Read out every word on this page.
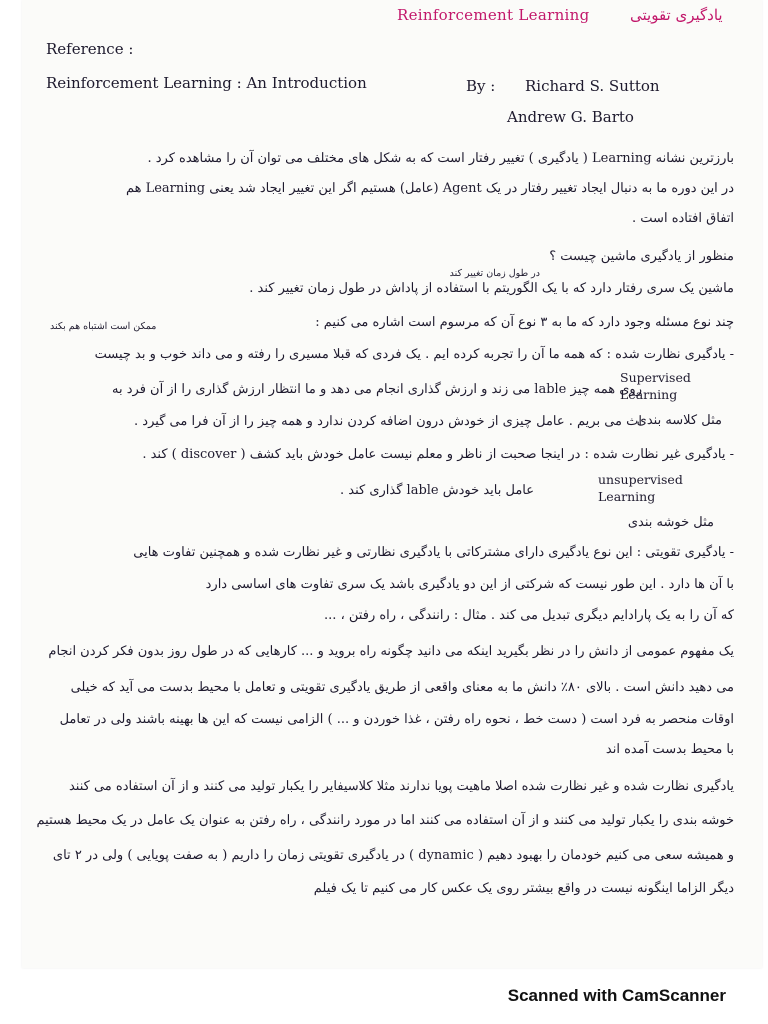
Reinforcement Learning	یادگیری تقویتی
Reference :
Reinforcement Learning : An Introduction	By : Richard S. Sutton
Andrew G. Barto
بارزترین نشانه Learning ( یادگیری ) تغییر رفتار است که به شکل های مختلف می توان آن را مشاهده کرد .
در این دوره ما به دنبال ایجاد تغییر رفتار در یک Agent (عامل) هستیم اگر این تغییر ایجاد شد یعنی Learning هم
اتفاق افتاده است .
منظور از یادگیری ماشین چیست ؟
در طول زمان تغییر کند
ماشین یک سری رفتار دارد که با یک الگوریتم با استفاده از پاداش در طول زمان تغییر کند .
ممکن است اشتباه هم بکند	چند نوع مسئله وجود دارد که ما به ۳ نوع آن که مرسوم است اشاره می کنیم :
- یادگیری نظارت شده : که همه ما آن را تجربه کرده ایم . یک فردی که قبلا مسیری را رفته و می داند خوب و بد چیست
روی همه چیز lable می زند و ارزش گذاری انجام می دهد و ما انتظار ارزش گذاری را از آن فرد به
Supervised
Learning
اث می بریم . عامل چیزی از خودش درون اضافه کردن ندارد و همه چیز را از آن فرا می گیرد .
مثل کلاسه بندی
- یادگیری غیر نظارت شده : در اینجا صحبت از ناظر و معلم نیست عامل خودش باید کشف ( discover ) کند .
unsupervised
Learning
عامل باید خودش lable گذاری کند .
مثل خوشه بندی
- یادگیری تقویتی : این نوع یادگیری دارای مشترکاتی با یادگیری نظارتی و غیر نظارت شده و همچنین تفاوت هایی
با آن ها دارد . این طور نیست که شرکتی از این دو یادگیری باشد یک سری تفاوت های اساسی دارد
که آن را به یک پارادایم دیگری تبدیل می کند . مثال : رانندگی ، راه رفتن ، ...
یک مفهوم عمومی از دانش را در نظر بگیرید اینکه می دانید چگونه راه بروید و ... کارهایی که در طول روز بدون فکر کردن انجام
می دهید دانش است . بالای ۸۰٪ دانش ما به معنای واقعی از طریق یادگیری تقویتی و تعامل با محیط بدست می آید که خیلی
اوقات منحصر به فرد است ( دست خط ، نحوه راه رفتن ، غذا خوردن و ... ) الزامی نیست که این ها بهینه باشند ولی در تعامل
با محیط بدست آمده اند
یادگیری نظارت شده و غیر نظارت شده اصلا ماهیت پویا ندارند مثلا کلاسیفایر را یکبار تولید می کنند و از آن استفاده می کنند
خوشه بندی را یکبار تولید می کنند و از آن استفاده می کنند اما در مورد رانندگی ، راه رفتن به عنوان یک عامل در یک محیط هستیم
و همیشه سعی می کنیم خودمان را بهبود دهیم ( dynamic ) در یادگیری تقویتی زمان را داریم ( به صفت پویایی ) ولی در ۲ تای
دیگر الزاما اینگونه نیست در واقع بیشتر روی یک عکس کار می کنیم تا یک فیلم
Scanned with CamScanner
